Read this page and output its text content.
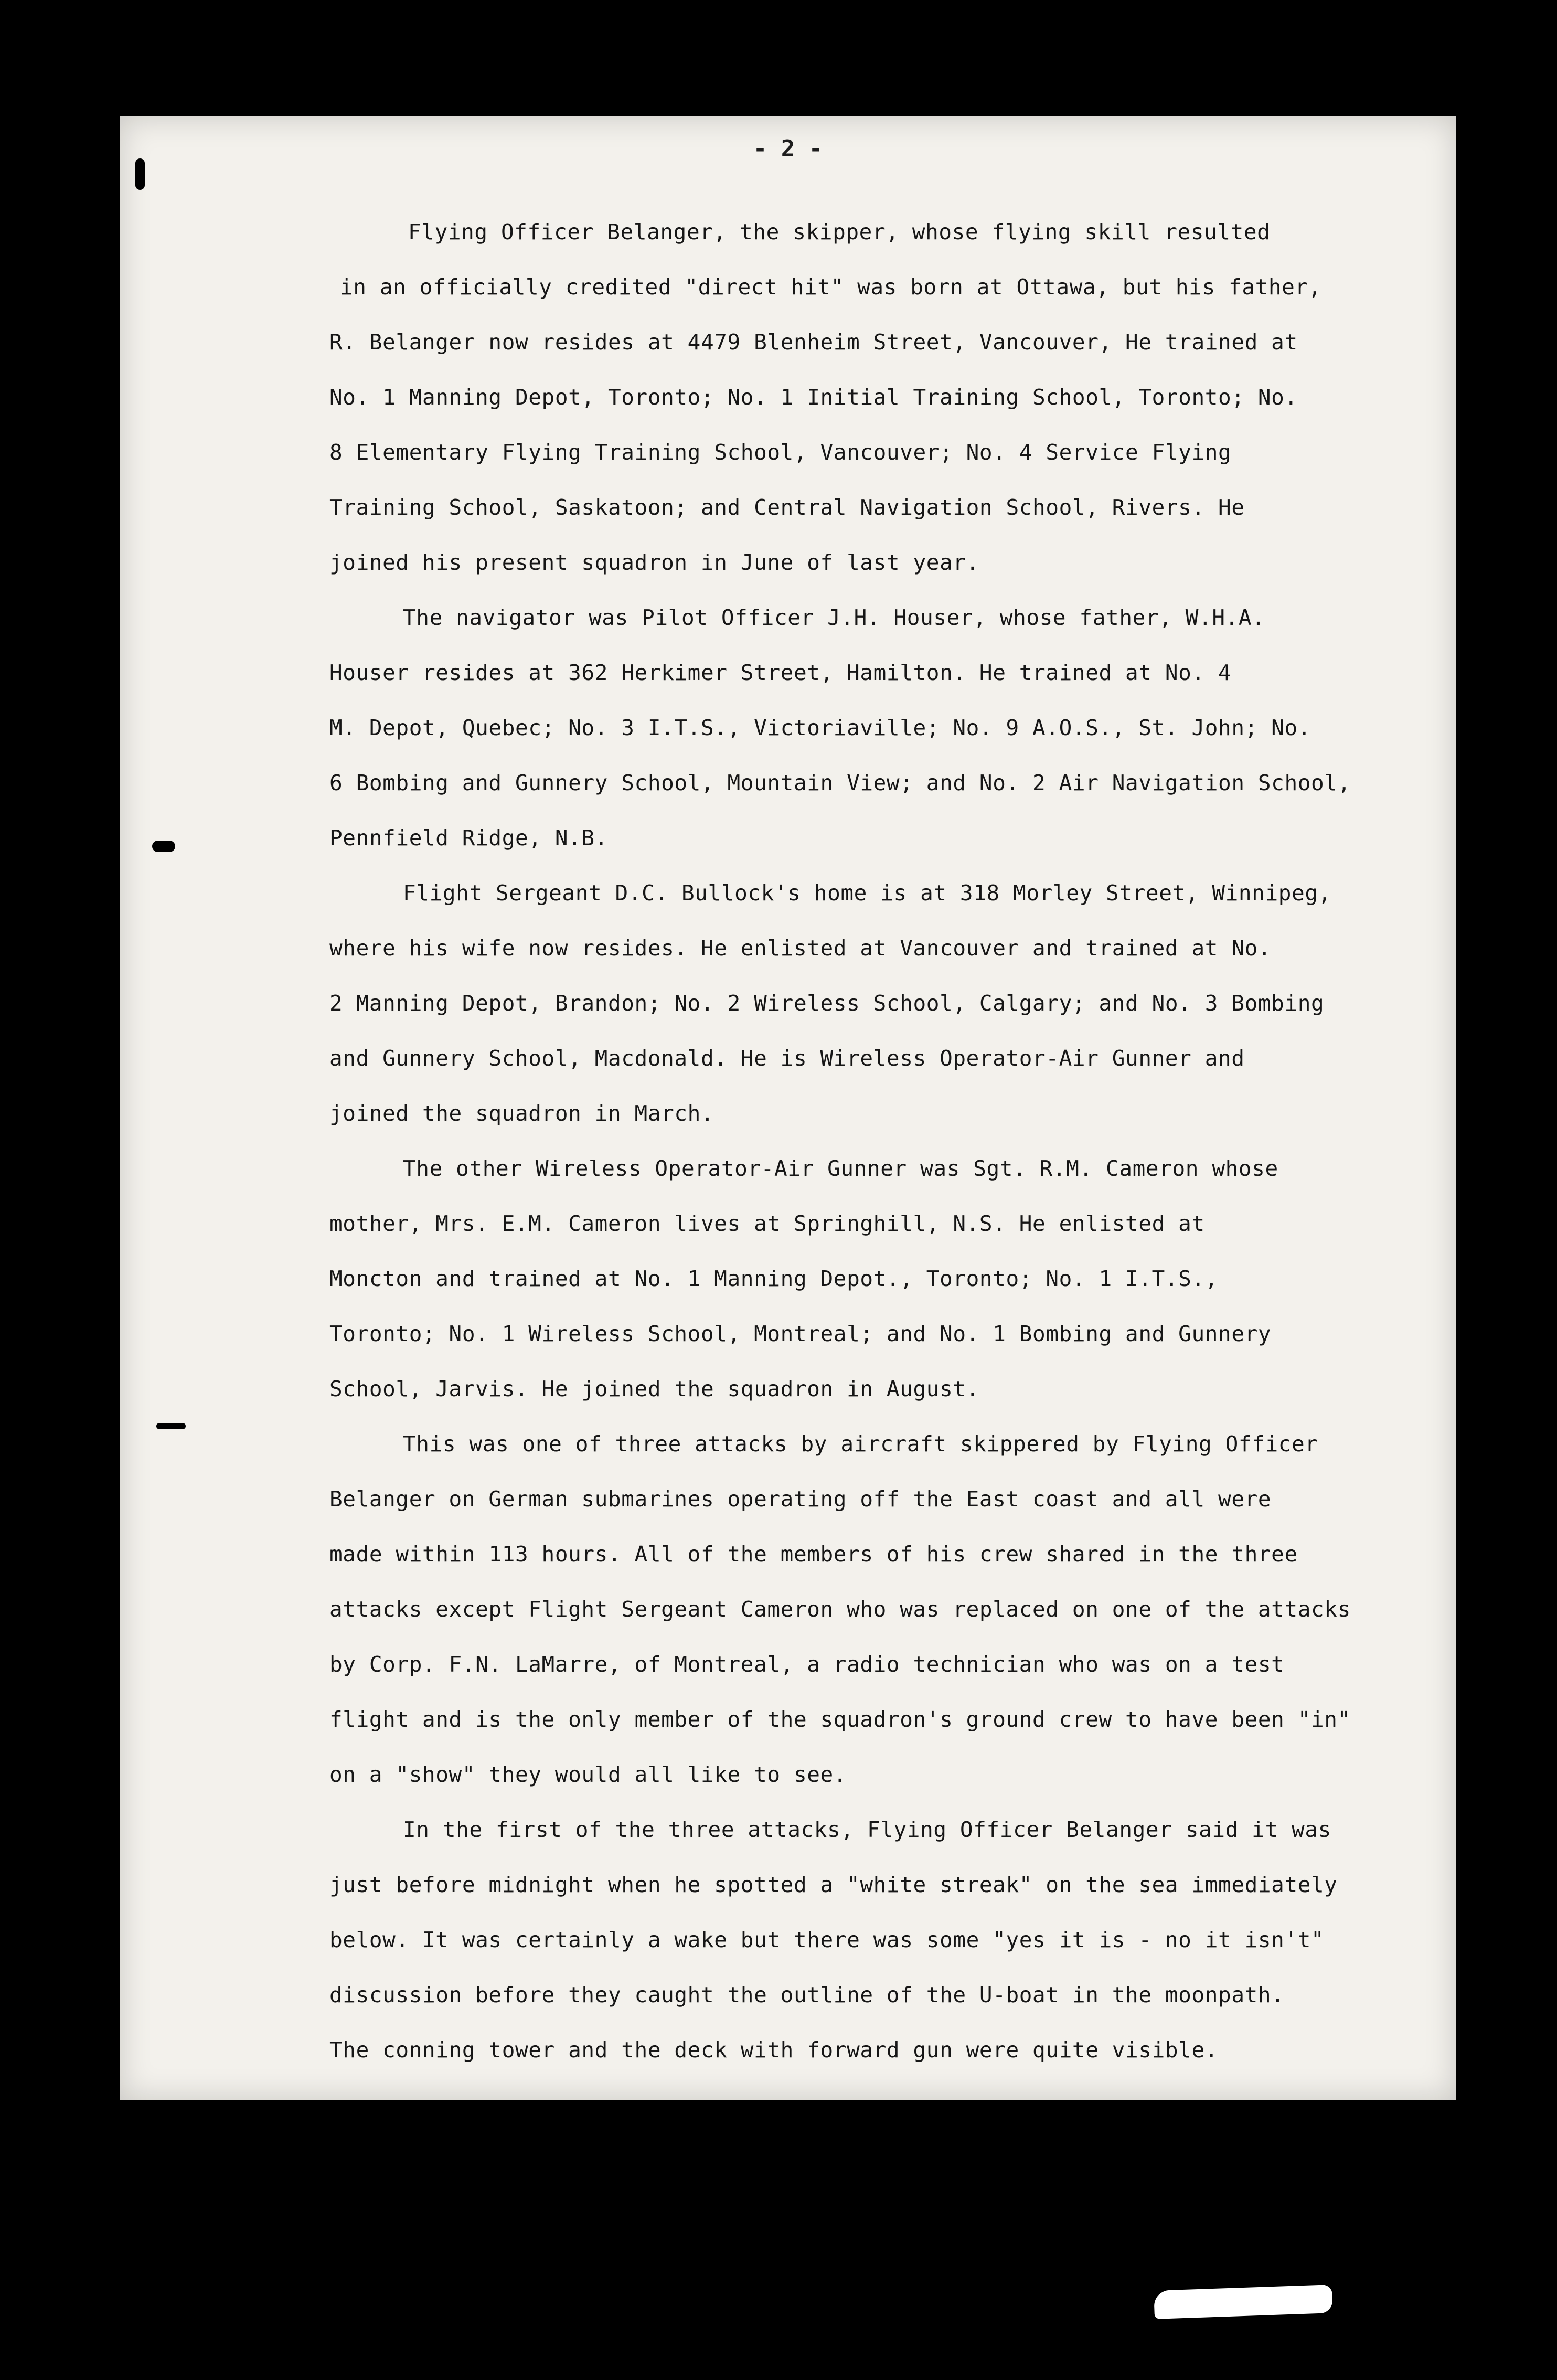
- 2 -

Flying Officer Belanger, the skipper, whose flying skill resulted
in an officially credited "direct hit" was born at Ottawa, but his father,
R. Belanger now resides at 4479 Blenheim Street, Vancouver, He trained at
No. 1 Manning Depot, Toronto; No. 1 Initial Training School, Toronto; No.
8 Elementary Flying Training School, Vancouver; No. 4 Service Flying
Training School, Saskatoon; and Central Navigation School, Rivers. He
joined his present squadron in June of last year.

The navigator was Pilot Officer J.H. Houser, whose father, W.H.A.
Houser resides at 362 Herkimer Street, Hamilton. He trained at No. 4
M. Depot, Quebec; No. 3 I.T.S., Victoriaville; No. 9 A.O.S., St. John; No.
6 Bombing and Gunnery School, Mountain View; and No. 2 Air Navigation School,
Pennfield Ridge, N.B.

Flight Sergeant D.C. Bullock's home is at 318 Morley Street, Winnipeg,
where his wife now resides. He enlisted at Vancouver and trained at No.
2 Manning Depot, Brandon; No. 2 Wireless School, Calgary; and No. 3 Bombing
and Gunnery School, Macdonald. He is Wireless Operator-Air Gunner and
joined the squadron in March.

The other Wireless Operator-Air Gunner was Sgt. R.M. Cameron whose
mother, Mrs. E.M. Cameron lives at Springhill, N.S. He enlisted at
Moncton and trained at No. 1 Manning Depot., Toronto; No. 1 I.T.S.,
Toronto; No. 1 Wireless School, Montreal; and No. 1 Bombing and Gunnery
School, Jarvis. He joined the squadron in August.

This was one of three attacks by aircraft skippered by Flying Officer
Belanger on German submarines operating off the East coast and all were
made within 113 hours. All of the members of his crew shared in the three
attacks except Flight Sergeant Cameron who was replaced on one of the attacks
by Corp. F.N. LaMarre, of Montreal, a radio technician who was on a test
flight and is the only member of the squadron's ground crew to have been "in"
on a "show" they would all like to see.

In the first of the three attacks, Flying Officer Belanger said it was
just before midnight when he spotted a "white streak" on the sea immediately
below. It was certainly a wake but there was some "yes it is - no it isn't"
discussion before they caught the outline of the U-boat in the moonpath.
The conning tower and the deck with forward gun were quite visible.
